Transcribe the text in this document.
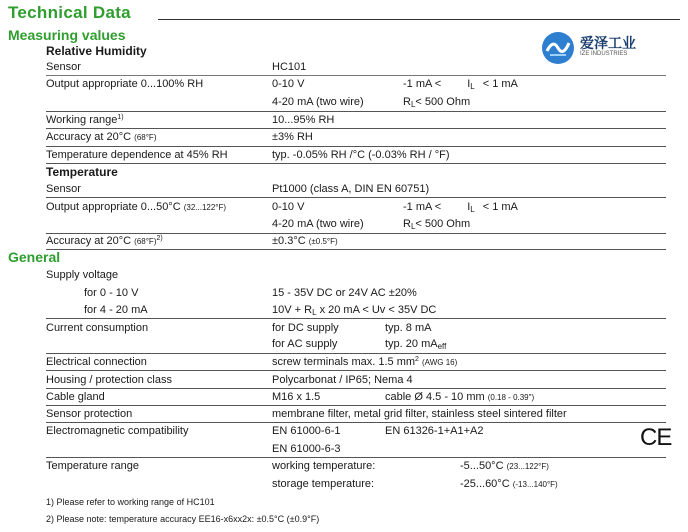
Technical Data
爱泽工业
IZE INDUSTRIES
Measuring values
Relative Humidity
Sensor	HC101
Output appropriate 0...100% RH	0-10 V	-1 mA < $I_L < 1$ mA
4-20 mA (two wire)	$R_L< 500$ Ohm
Working range$^{1)}$	10...95% RH
Accuracy at 20°C (68°F)	±3% RH
Temperature dependence at 45% RH	typ. -0.05% RH /°C (-0.03% RH / °F)
Temperature
Sensor	Pt1000 (class A, DIN EN 60751)
Output appropriate 0...50°C (32...122°F)	0-10 V	-1 mA < $I_L < 1$ mA
4-20 mA (two wire)	$R_L< 500$ Ohm
Accuracy at 20°C $(68^\circ F)^{2)}$	±0.3°C (±0.5°F)
General
Supply voltage
for 0 - 10 V	15 - 35V DC or 24V AC ±20%
for 4 - 20 mA	$10V + R_L$ x 20 mA < Uv < 35V DC
Current consumption	for DC supply	typ. 8 mA
for AC supply	typ. 20 $mA_{eff}$
Electrical connection	screw terminals max. 1.5 $mm^2$ (AWG 16)
Housing / protection class	Polycarbonat / IP65; Nema 4
Cable gland	M16 x 1.5	cable Ø 4.5 - 10 mm (0.18 - 0.39")
Sensor protection	membrane filter, metal grid filter, stainless steel sintered filter
Electromagnetic compatibility	EN 61000-6-1	EN 61326-1+A1+A2
EN 61000-6-3	CE
Temperature range	working temperature:	-5...50°C (23...122°F)
storage temperature:	-25...60°C (-13...140°F)
1) Please refer to working range of HC101
2) Please note: temperature accuracy EE16-x6xx2x: ±0.5°C (±0.9°F)
